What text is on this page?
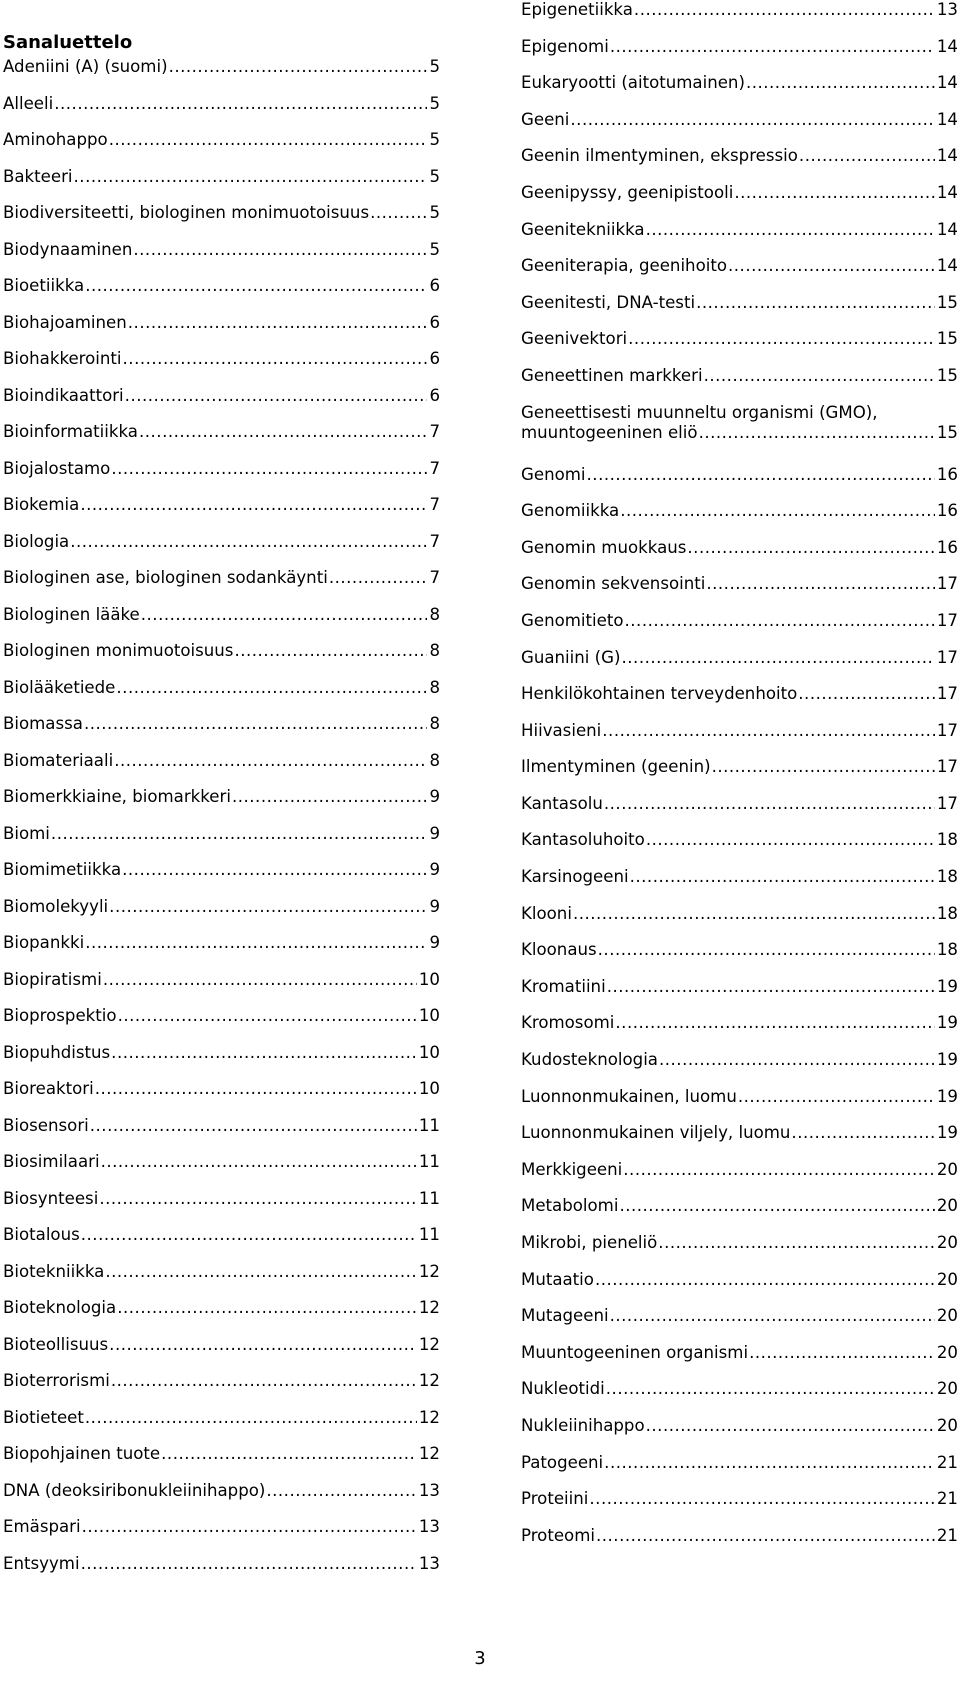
Sanaluettelo
Adeniini (A) (suomi) .....	5
Alleeli .....	5
Aminohappo .....	5
Bakteeri .....	5
Biodiversiteetti, biologinen monimuotoisuus .....	5
Biodynaaminen .....	5
Bioetiikka .....	6
Biohajoaminen .....	6
Biohakkerointi .....	6
Bioindikaattori .....	6
Bioinformatiikka .....	7
Biojalostamo .....	7
Biokemia .....	7
Biologia .....	7
Biologinen ase, biologinen sodankäynti .....	7
Biologinen lääke .....	8
Biologinen monimuotoisuus .....	8
Biolääketiede .....	8
Biomassa .....	8
Biomateriaali .....	8
Biomerkkiaine, biomarkkeri .....	9
Biomi .....	9
Biomimetiikka .....	9
Biomolekyyli .....	9
Biopankki .....	9
Biopiratismi .....	10
Bioprospektio .....	10
Biopuhdistus .....	10
Bioreaktori .....	10
Biosensori .....	11
Biosimilaari .....	11
Biosynteesi .....	11
Biotalous .....	11
Biotekniikka .....	12
Bioteknologia .....	12
Bioteollisuus .....	12
Bioterrorismi .....	12
Biotieteet .....	12
Biopohjainen tuote .....	12
DNA (deoksiribonukleiinihappo) .....	13
Emäspari .....	13
Entsyymi .....	13
Epigenetiikka .....	13
Epigenomi .....	14
Eukaryootti (aitotumainen) .....	14
Geeni .....	14
Geenin ilmentyminen, ekspressio .....	14
Geenipyssy, geenipistooli .....	14
Geenitekniikka .....	14
Geeniterapia, geenihoito .....	14
Geenitesti, DNA-testi .....	15
Geenivektori .....	15
Geneettinen markkeri .....	15
Geneettisesti muunneltu organismi (GMO),
muuntogeeninen eliö .....	15
Genomi .....	16
Genomiikka .....	16
Genomin muokkaus .....	16
Genomin sekvensointi .....	17
Genomitieto .....	17
Guaniini (G) .....	17
Henkilökohtainen terveydenhoito .....	17
Hiivasieni .....	17
Ilmentyminen (geenin) .....	17
Kantasolu .....	17
Kantasoluhoito .....	18
Karsinogeeni .....	18
Klooni .....	18
Kloonaus .....	18
Kromatiini .....	19
Kromosomi .....	19
Kudosteknologia .....	19
Luonnonmukainen, luomu .....	19
Luonnonmukainen viljely, luomu .....	19
Merkkigeeni .....	20
Metabolomi .....	20
Mikrobi, pieneliö .....	20
Mutaatio .....	20
Mutageeni .....	20
Muuntogeeninen organismi .....	20
Nukleotidi .....	20
Nukleiinihappo .....	20
Patogeeni .....	21
Proteiini .....	21
Proteomi .....	21
3
